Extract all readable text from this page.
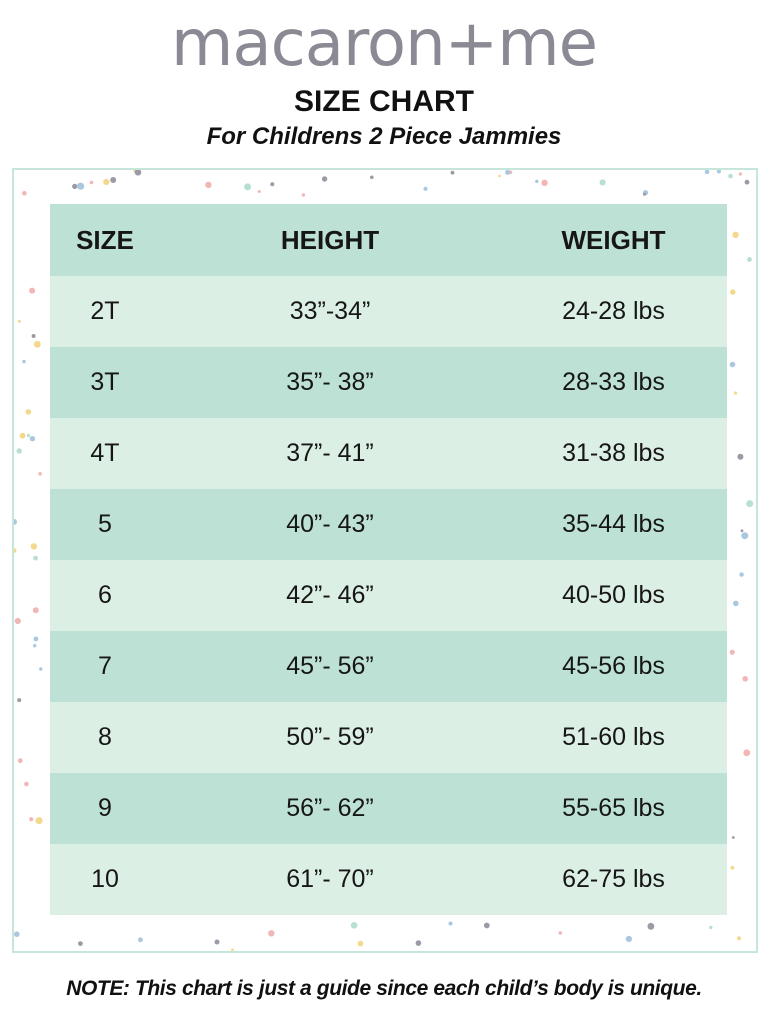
macaron+me
SIZE CHART
For Childrens 2 Piece Jammies
SIZE	HEIGHT	WEIGHT
2T	33”-34”	24-28 lbs
3T	35”- 38”	28-33 lbs
4T	37”- 41”	31-38 lbs
5	40”- 43”	35-44 lbs
6	42”- 46”	40-50 lbs
7	45”- 56”	45-56 lbs
8	50”- 59”	51-60 lbs
9	56”- 62”	55-65 lbs
10	61”- 70”	62-75 lbs
NOTE: This chart is just a guide since each child’s body is unique.
